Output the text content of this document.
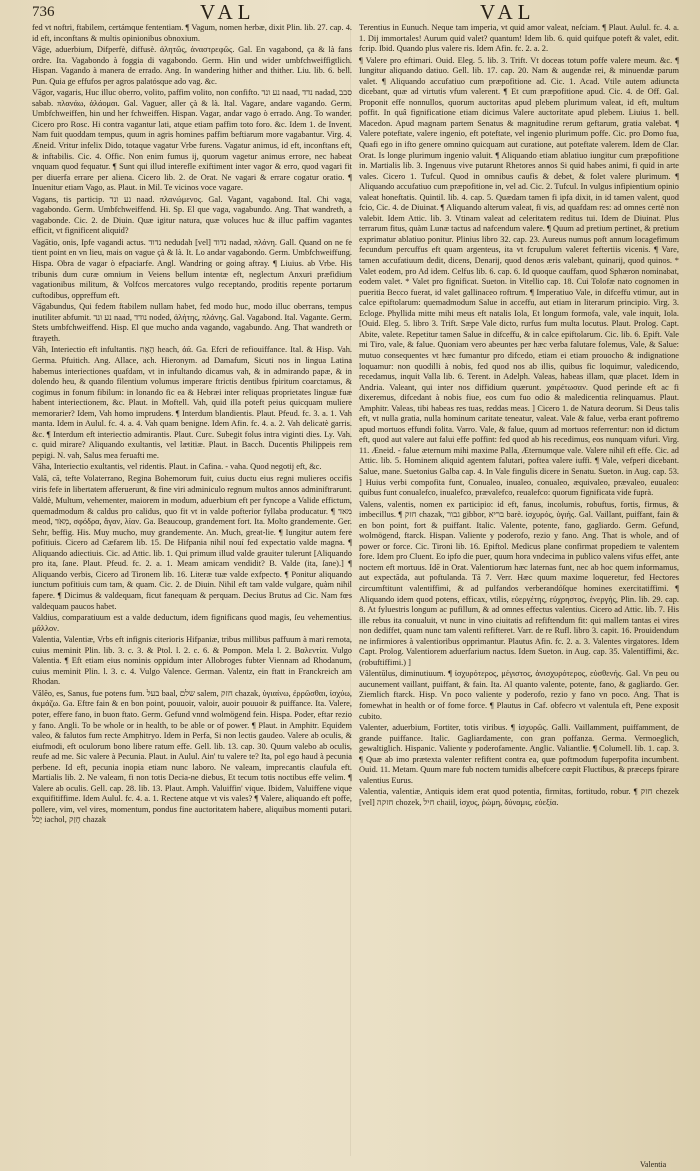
736	VAL	VAL

fed vt noftri, ftabilem, certámque fententiam. ¶ Vagum, nomen herbæ, dixit Plin. lib. 27. cap. 4. id eft, inconftans & multis opinionibus obnoxium.

Vāge, aduerbium, Difperfè, diffusè. ἀλητῶς, ἀναστρεφῶς. Gal. En vagabond, ça & là fans ordre. Ita. Vagabondo à foggia di vagabondo. Germ. Hin und wider umbfchweiffigtlich. Hispan. Vagando à manera de errado. Ang. In wandering hither and thither. Liu. lib. 6. bell. Pun. Quia ge effufos per agros palatósque ado vag. &c.

Vāgor, vagaris, Huc illuc oberro, volito, paffim volito, non confifto. נע ונד naad, נדד nadad, סבב sabab. πλανάω, ἀλάομαι. Gal. Vaguer, aller çà & là. Ital. Vagare, andare vagando. Germ. Umbfchweiffen, hin und her fchweiffen. Hispan. Vagar, andar vago ò errado. Ang. To wander. Cicero pro Rosc. Hi contra vagantur lati, atque etiam paffim toto foro. &c. Idem 1. de Invent. Nam fuit quoddam tempus, quum in agris homines paffim beftiarum more vagabantur. Virg. 4. Æneid. Vritur infelix Dido, totaque vagatur Vrbe furens. Vagatur animus, id eft, inconftans eft, & inftabilis. Cic. 4. Offic. Non enim fumus ij, quorum vagetur animus errore, nec habeat vnquam quod fequatur. ¶ Sunt qui illud interefle exiftiment inter vagor & erro, quod vagari fit per diuerfa errare per aliena. Cicero lib. 2. de Orat. Ne vagari & errare cogatur oratio. ¶ Inuenitur etiam Vago, as. Plaut. in Mil. Te vicinos voce vagare.

Vagans, tis particip. נע ונד naad. πλανώμενος. Gal. Vagant, vagabond. Ital. Chi vaga, vagabondo. Germ. Umbfchweiffend. Hi. Sp. El que vaga, vagabundo. Ang. That wandreth, a vagabonde. Cic. 2. de Diuin. Quæ igitur natura, quæ voluces huc & illuc paffim vagantes efficit, vt fignificent aliquid?

Vagātio, onis, Ipfe vagandi actus. נדוד nedudah [vel] נדוד nadad, πλάνη. Gall. Quand on ne fe tient point en vn lieu, mais on vague çà & là. It. Lo andar vagabondo. Germ. Umbfchweiffung. Hispa. Obra de vagar ò efpaciarfe. Angl. Wandring or going aftray. ¶ Liuius. ab Vrbe. His tribunis dum curæ omnium in Veiens bellum intentæ eft, neglectum Anxuri præfidium vagationibus militum, & Volfcos mercatores vulgo receptando, proditis repente portarum cuftodibus, oppreffum eft.

Vāgabundus, Qui fedem ftabilem nullam habet, fed modo huc, modo illuc oberrans, tempus inutiliter abfumit. נע ונד naad, נודד noded, ἀλήτης, πλάνης. Gal. Vagabond. Ital. Vagante. Germ. Stets umbfchweiffend. Hisp. El que mucho anda vagando, vagabundo. Ang. That wandreth or ftrayeth.

Vāh, Interiectio eft infultantis. הָאָח heach, ἀᾶ. Ga. Efcri de refiouiffance. Ital. & Hisp. Vah. Germa. Pfuitich. Ang. Allace, ach. Hieronym. ad Damafum, Sicuti nos in lingua Latina habemus interiectiones quafdam, vt in infultando dicamus vah, & in admirando papæ, & in dolendo heu, & quando filentium volumus imperare ftrictis dentibus fpiritum coarctamus, & cogimus in fonum fibilum: in lonando fic ea & Hebræi inter reliquas proprietates linguæ fuæ habent interiectionem, &c. Plaut. in Moftell. Vah, quid illa poteft peius quicquam muliere memorarier? Idem, Vah homo imprudens. ¶ Interdum blandientis. Plaut. Pfeud. fc. 3. a. 1. Vah manta. Idem in Aulul. fc. 4. a. 4. Vah quam benigne. Idem Afin. fc. 4. a. 2. Vah delicatè garris. &c. ¶ Interdum eft interiectio admirantis. Plaut. Curc. Subegit folus intra viginti dies. Ly. Vah. c. quid mirare? Aliquando exultantis, vel lætitiæ. Plaut. in Bacch. Ducentis Philippeis rem pepigi. N. vah, Salus mea feruafti me.

Vāha, Interiectio exultantis, vel ridentis. Plaut. in Cafina. - vaha. Quod negotij eft, &c.

Valā, cā, tefte Volaterrano, Regina Bohemorum fuit, cuius ductu eius regni mulieres occifis viris fefe in libertatem afferuerunt, & fine viri adminiculo regnum multos annos adminiftrarunt.

Valdè, Multum, vehementer, maiorem in modum, aduerbium eft per fyncope a Valide effictum, quemadmodum & caldus pro calidus, quo fit vt in valde pofterior fyllaba producatur. ¶ מאד meod, מְאֹד, σφόδρα, ἄγαν, λίαν. Ga. Beaucoup, grandement fort. Ita. Molto grandemente. Ger. Sehr, beffig. His. Muy mucho, muy grandemente. An. Much, great-lie. ¶ Iungitur autem fere pofitiuis. Cicero ad Cæfarem lib. 15. De Hifpania nihil nouí fed expectatio valde magna. ¶ Aliquando adiectiuis. Cic. ad Attic. lib. 1. Qui primum illud valde grauiter tulerunt [Aliquando pro ita, ſane. Plaut. Pfeud. fc. 2. a. 1. Meam amicam vendidit? B. Valde (ita, ſane).] ¶ Aliquando verbis, Cicero ad Tironem lib. 16. Literæ tuæ valde exfpecto. ¶ Ponitur aliquando iunctum pofitiuis cum tam, & quam. Cic. 2. de Diuin. Nihil eft tam valde vulgare, quàm nihil fapere. ¶ Dicimus & valdequam, ficut fanequam & perquam. Decius Brutus ad Cic. Nam fœs valdequam paucos habet.

Valdius, comparatiuum est a valde deductum, idem fignificans quod magis, ſeu vehementius. μᾶλλον.

Valentia, Valentiæ, Vrbs eft infignis citerioris Hifpaniæ, tribus millibus paffuum à mari remota, cuius meminit Plin. lib. 3. c. 3. & Ptol. l. 2. c. 6. & Pompon. Mela l. 2. Βαλεντία. Vulgo Valentia. ¶ Eft etiam eius nominis oppidum inter Allobroges fubter Viennam ad Rhodanum, cuius meminit Plin. l. 3. c. 4. Vulgo Valence. German. Valentz, ein ftatt in Franckreich am Rhodan.

Vălĕo, es, Sanus, fue potens fum. בעל baal, שלם salem, חזק chazak, ὑγιαίνω, ἐρρῶσθαι, ἰσχύω, ἀκμάζω. Ga. Eftre fain & en bon point, pouuoir, valoir, auoir pouuoir & puiffance. Ita. Valere, poter, effere fano, in buon ftato. Germ. Gefund vnnd wolmögend fein. Hispa. Poder, eftar rezio y fano. Angli. To be whole or in health, to be able or of power. ¶ Plaut. in Amphitr. Equidem valeo, & falutos fum recte Amphitryo. Idem in Perfa, Si non lectis gaudeo. Valere ab oculis, & eiufmodi, eft oculorum bono libere ratum effe. Gell. lib. 13. cap. 30. Quum valebo ab oculis, reufe ad me. Sic valere à Pecunia. Plaut. in Aulul. Ain' tu valere te? Ita, pol ego haud à pecunia perbene. Id eft, pecunia inopia etiam nunc laboro. Ne valeam, imprecantis claufula eft. Martialis lib. 2. Ne valeam, fi non totis Decia-ne diebus, Et tecum totis noctibus effe velim. ¶ Valere ab oculis. Gell. cap. 28. lib. 13. Plaut. Amph. Valuiffin' vique. Ibidem, Valuiffene vique exquifitiffime. Idem Aulul. fc. 4. a. 1. Rectene atque vt vis vales? ¶ Valere, aliquando eft poffe, pollere, vim, vel vires, momentum, pondus fine auctoritatem habere, aliquibus momenti putari. יָכֹל iachol, חָזַק chazak

Terentius in Eunuch. Neque tam imperia, vt quid amor valeat, neſciam. ¶ Plaut. Aulul. fc. 4. a. 1. Dij immortales! Aurum quid valet? quantum! Idem lib. 6. quid quifque poteft & valet, edit. fcrip. Ibid. Quando plus valere ris. Idem Afin. fc. 2. a. 2.

¶ Valere pro eftimari. Ouid. Eleg. 5. lib. 3. Trift. Vt doceas totum poffe valere meum. &c. ¶ Iungitur aliquando datiuo. Gell. lib. 17. cap. 20. Nam & augendæ rei, & minuendæ parum valet. ¶ Aliquando accufatiuo cum præpofitione ad. Cic. 1. Acad. Vtile autem adiuncta dicebant, quæ ad virtutis vfum valerent. ¶ Et cum præpofitione apud. Cic. 4. de Off. Gal. Proponit effe nonnullos, quorum auctoritas apud plebem plurimum valeat, id eft, multum poffit. In quâ fignificatione etiam dicimus Valere auctoritate apud plebem. Liuius 1. bell. Macedon. Apud magnam partem Senatus & magnitudine rerum geftarum, gratia valebat. ¶ Valere poteftate, valere ingenio, eft poteftate, vel ingenio plurimum poffe. Cic. pro Domo fua, Quafi ego in ifto genere omnino quicquam aut curatione, aut poteftate valerem. Idem de Clar. Orat. Is longe plurimum ingenio valuit. ¶ Aliquando etiam ablatiuo iungitur cum præpofitione in. Martialis lib. 3. Ingenuus vive putarunt Rhetores annos Si quid habes animi, fi quid in arte vales. Cicero 1. Tufcul. Quod in omnibus caufis & debet, & folet valere plurimum. ¶ Aliquando accufatiuo cum præpofitione in, vel ad. Cic. 2. Tufcul. In vulgus infipientium opinio valeat honeftatis. Quintil. lib. 4. cap. 5. Quædam tamen fi ipfa dixit, in id tamen valent, quod fcio, Cic. 4. de Diuinat. ¶ Aliquando alterum valeat, fi vis, ad quafdam res: ad omnes certè non valebit. Idem Attic. lib. 3. Vtinam valeat ad celeritatem reditus tui. Idem de Diuinat. Plus terrarum fitus, quàm Lunæ tactus ad nafcendum valere. ¶ Quum ad pretium pertinet, & pretium exprimatur ablatiuo ponitur. Plinius libro 32. cap. 23. Aureus numus poft annum locagefimum fecundum percuffus eft quam argenteus, ita vt fcrupulum valeret feftertiis vicenis. ¶ Vare, tamen accufatiuum dedit, dicens, Denarij, quod denos æris valebant, quinarij, quod quinos. * Valet eodem, pro Ad idem. Celfus lib. 6. cap. 6. Id quoque cauffam, quod Sphæron nominabat, eodem valet. * Valet pro fignificat. Sueton. in Vitellio cap. 18. Cui Tolofæ nato cognomen in pueritia Becco fuerat, id valet gallinaceo roftrum. ¶ Imperatiuo Vale, in difceffu vtimur, aut in calce epiftolarum: quemadmodum Salue in acceffu, aut etiam in literarum principio. Virg. 3. Ecloge. Phyllida mitte mihi meus eft natalis Iola, Et longum formofa, vale, vale inquit, Iola. [Ouid. Eleg. 5. libro 3. Trift. Sæpe Vale dicto, rurfus fum multa locutus. Plaut. Prolog. Capt. Abite, valete. Repetitur tamen Salue in difceffu, & in calce epiftolarum. Cic. lib. 6. Epift. Vale mi Tiro, vale, & falue. Quoniam vero abeuntes per hæc verba falutare folemus, Vale, & Salue: mutuo consequentes vt hæc fumantur pro difcedo, etiam ei etiam prouocho & indignatione loquamur: non quodilli à nobis, fed quod nos ab illis, quibus fic loquimur, valedicendo, recedamus, inquit Valla lib. 6. Terent. in Adelph. Valeas, habeas illam, quæ placet. Idem in Andria. Valeant, qui inter nos diffidium quærunt. χαιρέτωσαν. Quod perinde eft ac fi dixeremus, difcedant à nobis fiue, eos cum fuo odio & maledicentia relinquamus. Plaut. Amphitr. Valeas, tibi habeas res tuas, reddas meas. ] Cicero 1. de Natura deorum. Si Deus talis eft, vt nulla gratia, nulla hominum caritate teneatur, valeat. Vale & falue, verba erant poftremo apud mortuos effundi folita. Varro. Vale, & falue, quum ad mortuos referrentur: non id dictum eft, quod aut valere aut falui effe poffint: fed quod ab his recedimus, eos nunquam vifuri. Virg. 11. Æneid. - falue æternum mihi maxime Palla, Æternumque vale. Valere nihil eft effe. Cic. ad Attic. lib. 5. Hominem aliquid agentem falutari, poftea valere iuffi. ¶ Vale, vefperi dicebant. Salue, mane. Suetonius Galba cap. 4. In Vale fingulis dicere in Senatu. Sueton. in Aug. cap. 53. ] Huius verbi compofita funt, Conualeo, inualeo, conualeo, æquivaleo, prævaleo, euualeo: quibus funt conualefco, inualefco, prævalefco, reualefco: quorum fignificata vide fuprà.

Valens, valentis, nomen ex participio: id eft, fanus, incolumis, robuftus, fortis, firmus, & imbecillus. ¶ חזק chazak, גבור gibbor, בריא barè. ἰσχυρός, ὑγιής. Gal. Vaillant, puiffant, fain & en bon point, fort & puiffant. Italic. Valente, potente, fano, gagliardo. Germ. Gefund, wolmögend, ftarck. Hispan. Valiente y poderofo, rezio y fano. Ang. That is whole, and of power or force. Cic. Tironi lib. 16. Epiftol. Medicus plane confirmat propediem te valentem fore. Idem pro Cluent. Eo ipfo die puer, quum hora vndecima in publico valens vifus effet, ante noctem eft mortuus. Idē in Orat. Valentiorum hæc laternas funt, nec ab hoc quem informamus, aut expectāda, aut poftulanda. Tā 7. Verr. Hæc quum maxime loqueretur, fed Hectores circumftitunt valentiffimi, & ad pulfandos verberandóſque homines exercitatiffimi. ¶ Aliquando idem quod potens, efficax, vtilis, εὐεργέτης, εὐχρηστος, ἐνεργής, Plin. lib. 29. cap. 8. At fyluestris longum ac pufillum, & ad omnes effectus valentius. Cicero ad Attic. lib. 7. His ille rebus ita conualuit, vt nunc in vino ciuitatis ad refiftendum fit: qui mallem tantas ei vires non dediffet, quam nunc tam valenti refifteret. Varr. de re Rufl. libro 3. capit. 16. Prouidendum ne infirmiores à valentioribus opprimantur. Plautus Afin. fc. 2. a. 3. Valentes virgatores. Idem Capt. Prolog. Valentiorem aduerfarium nactus. Idem Sueton. in Aug. cap. 35. Valentiffimi, &c. (robuftiffimi.) ]

Vălentŭlus, diminutiuum. ¶ ἰσχυρότερος, μέγιστος, ἀνισχυρότερος, εὐσθενής. Gal. Vn peu ou aucunement vaillant, puiffant, & fain. Ita. Al quanto valente, potente, fano, & gagliardo. Ger. Ziemlich ftarck. Hisp. Vn poco valiente y poderofo, rezio y fano vn poco. Ang. That is fomewhat in health or of fome force. ¶ Plautus in Caf. obfecro vt valentula eft, Pene exposit cubito.

Valenter, aduerbium, Fortiter, totis viribus. ¶ ἰσχυρῶς. Galli. Vaillamment, puiffamment, de grande puiffance. Italic. Gagliardamente, con gran poffanza. Germa. Vermoeglich, gewaltiglich. Hispanic. Valiente y poderofamente. Anglic. Valiantlie. ¶ Columell. lib. 1. cap. 3. ¶ Quæ ab imo prætexta valenter refiftent contra ea, quæ poftmodum fuperpofita incumbent. Ouid. 11. Metam. Quum mare fub noctem tumidis albefcere cœpit Fluctibus, & præceps fpirare valentius Eurus.

Valentia, valentiæ, Antiquis idem erat quod potentia, firmitas, fortitudo, robur. ¶ חזק chezek [vel] חזקה chozek, חיל chaiil, ἰσχυς, ῥώμη, δύναμις, εὐεξία.

Valentia
